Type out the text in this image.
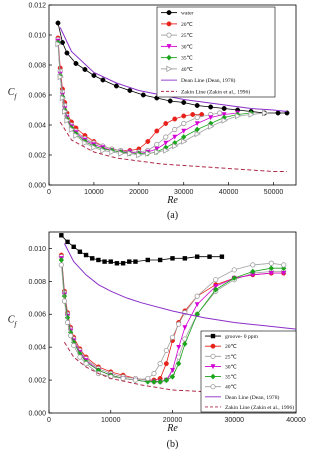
0	10000	20000	30000	40000	50000
0.000
0.002
0.004
0.006
0.008
0.010
0.012
Re
$C_f$
(a)
water
20℃
25℃
30℃
35℃
40℃
Dean Line (Dean, 1978)
Zakin Line (Zakin et al., 1996)
0	10000	20000	30000	40000
0.000
0.002
0.004
0.006
0.008
0.010
Re
$C_f$
(b)
groove- 0 ppm
20℃
25℃
30℃
35℃
40℃
Dean Line (Dean, 1978)
Zakin Line (Zakin et al., 1996)
